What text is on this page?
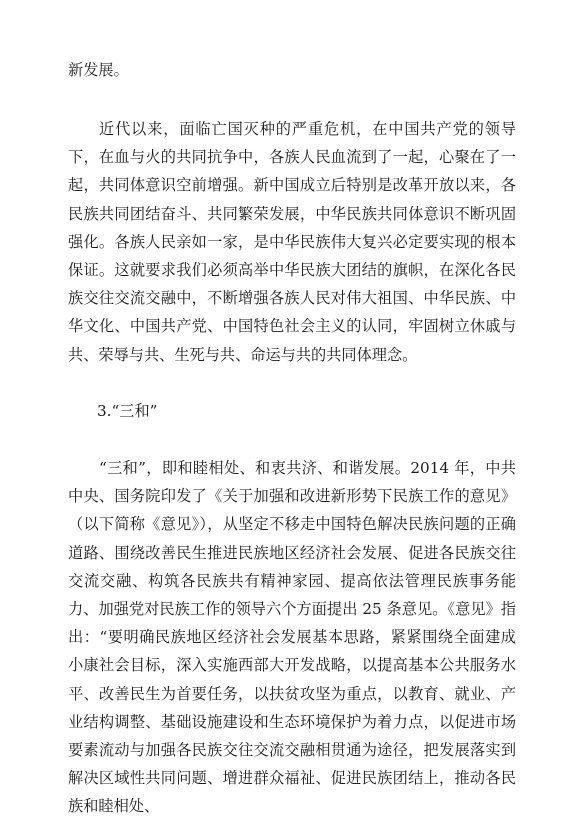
新发展。

近代以来，面临亡国灭种的严重危机，在中国共产党的领导下，在血与火的共同抗争中，各族人民血流到了一起，心聚在了一起，共同体意识空前增强。新中国成立后特别是改革开放以来，各民族共同团结奋斗、共同繁荣发展，中华民族共同体意识不断巩固强化。各族人民亲如一家，是中华民族伟大复兴必定要实现的根本保证。这就要求我们必须高举中华民族大团结的旗帜，在深化各民族交往交流交融中，不断增强各族人民对伟大祖国、中华民族、中华文化、中国共产党、中国特色社会主义的认同，牢固树立休戚与共、荣辱与共、生死与共、命运与共的共同体理念。

3.“三和”

“三和”，即和睦相处、和衷共济、和谐发展。2014 年，中共中央、国务院印发了《关于加强和改进新形势下民族工作的意见》（以下简称《意见》），从坚定不移走中国特色解决民族问题的正确道路、围绕改善民生推进民族地区经济社会发展、促进各民族交往交流交融、构筑各民族共有精神家园、提高依法管理民族事务能力、加强党对民族工作的领导六个方面提出 25 条意见。《意见》指出：“要明确民族地区经济社会发展基本思路，紧紧围绕全面建成小康社会目标，深入实施西部大开发战略，以提高基本公共服务水平、改善民生为首要任务，以扶贫攻坚为重点，以教育、就业、产业结构调整、基础设施建设和生态环境保护为着力点，以促进市场要素流动与加强各民族交往交流交融相贯通为途径，把发展落实到解决区域性共同问题、增进群众福祉、促进民族团结上，推动各民族和睦相处、
